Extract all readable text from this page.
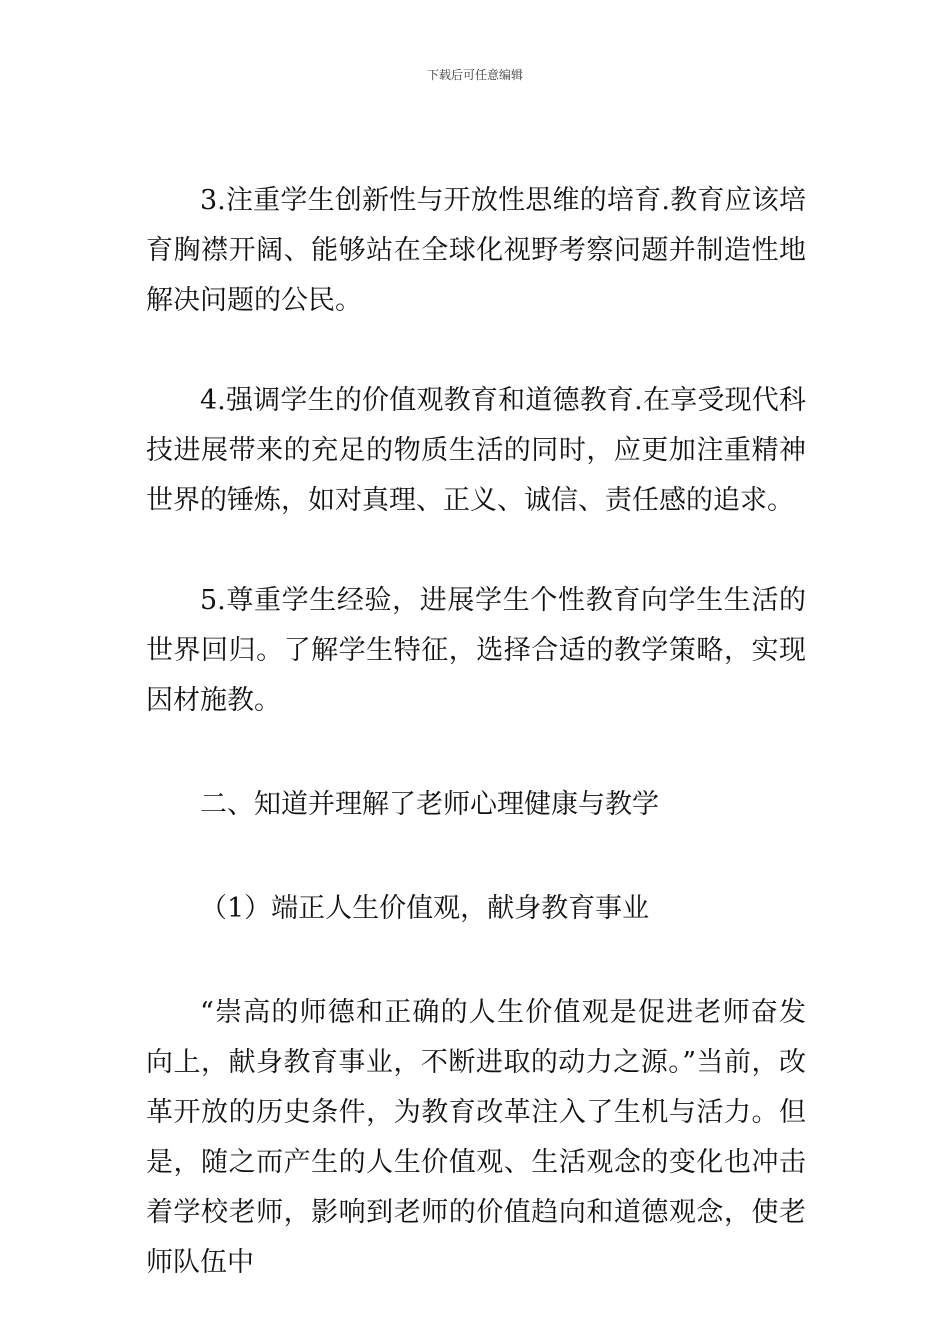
下载后可任意编辑

3.注重学生创新性与开放性思维的培育.教育应该培育胸襟开阔、能够站在全球化视野考察问题并制造性地解决问题的公民。

4.强调学生的价值观教育和道德教育.在享受现代科技进展带来的充足的物质生活的同时，应更加注重精神世界的锤炼，如对真理、正义、诚信、责任感的追求。

5.尊重学生经验，进展学生个性教育向学生生活的世界回归。了解学生特征，选择合适的教学策略，实现因材施教。

二、知道并理解了老师心理健康与教学

（1）端正人生价值观，献身教育事业

“崇高的师德和正确的人生价值观是促进老师奋发向上，献身教育事业，不断进取的动力之源。”当前，改革开放的历史条件，为教育改革注入了生机与活力。但是，随之而产生的人生价值观、生活观念的变化也冲击着学校老师，影响到老师的价值趋向和道德观念，使老师队伍中
